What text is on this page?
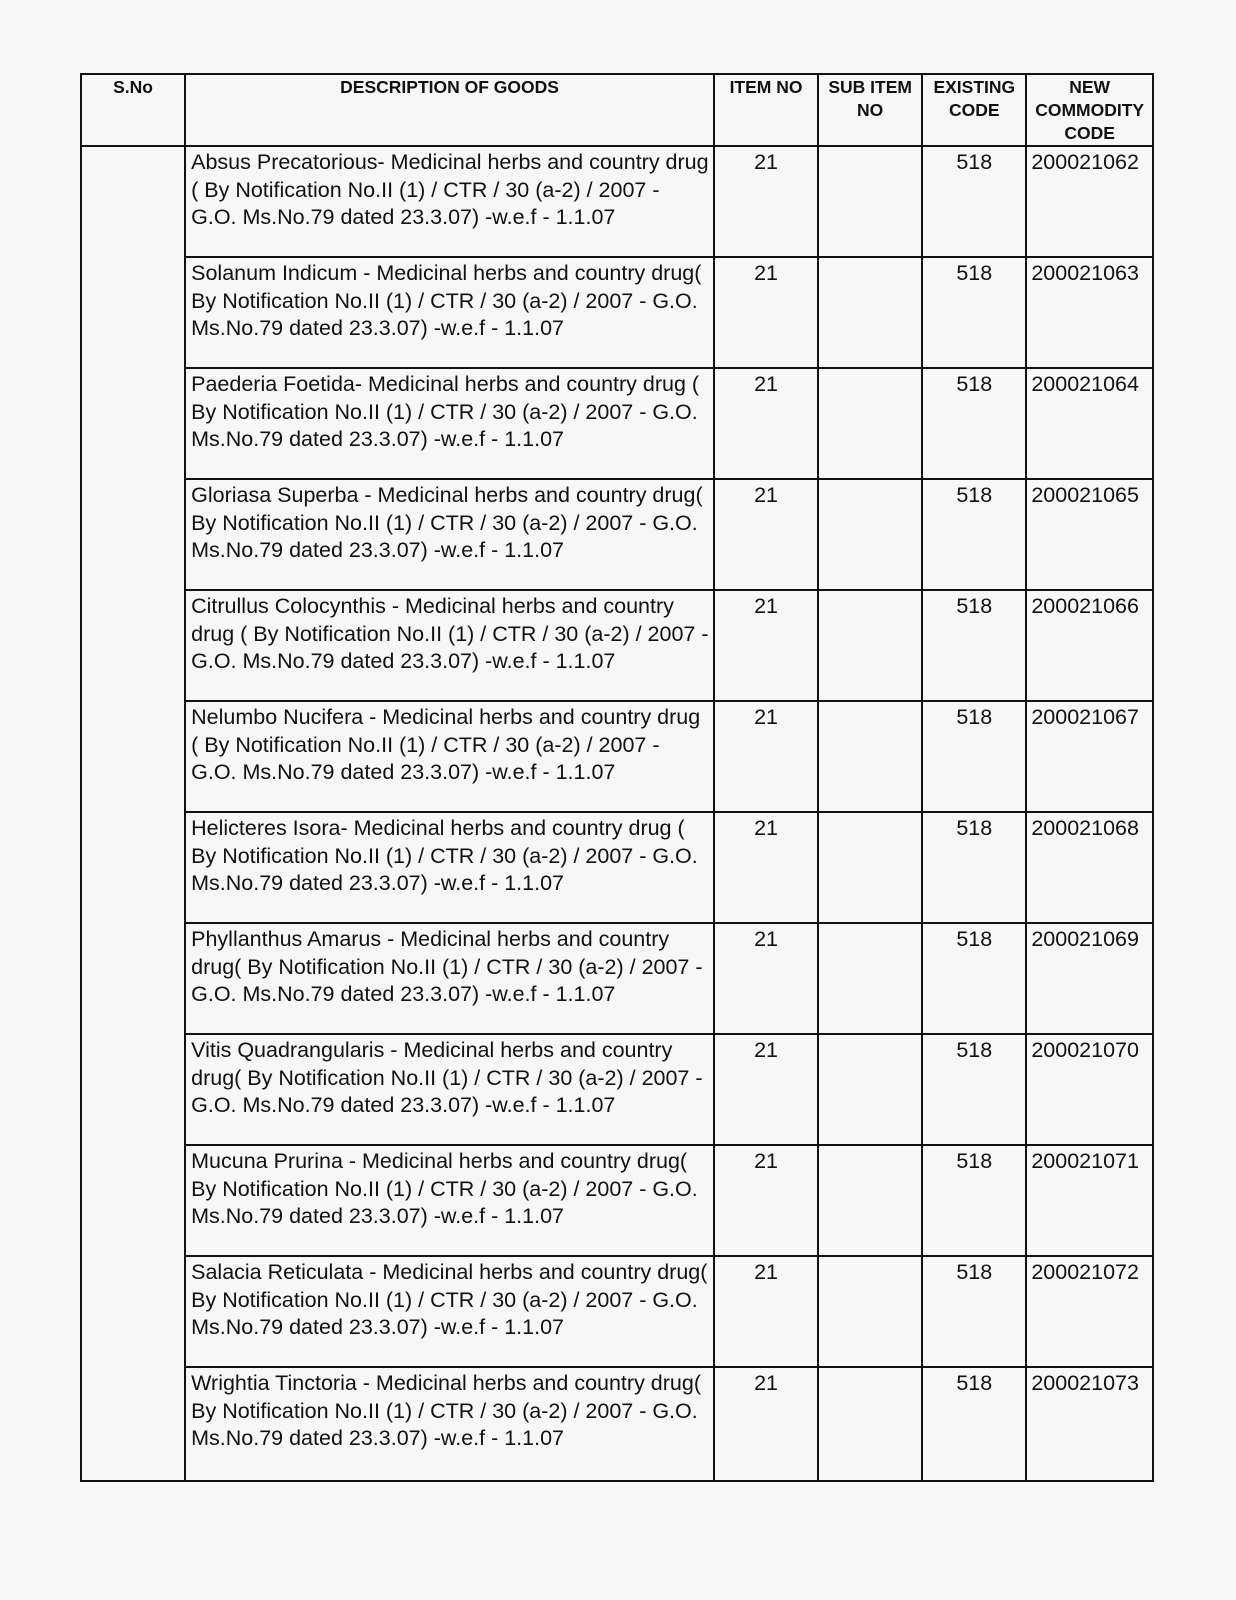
S.No	DESCRIPTION OF GOODS	ITEM NO	SUB ITEM NO	EXISTING CODE	NEW COMMODITY CODE
	Absus Precatorious- Medicinal herbs and country drug ( By Notification No.II (1) / CTR / 30 (a-2) / 2007 - G.O. Ms.No.79 dated 23.3.07) -w.e.f - 1.1.07	21		518	200021062
	Solanum Indicum - Medicinal herbs and country drug( By Notification No.II (1) / CTR / 30 (a-2) / 2007 - G.O. Ms.No.79 dated 23.3.07) -w.e.f - 1.1.07	21		518	200021063
	Paederia Foetida- Medicinal herbs and country drug ( By Notification No.II (1) / CTR / 30 (a-2) / 2007 - G.O. Ms.No.79 dated 23.3.07) -w.e.f - 1.1.07	21		518	200021064
	Gloriasa Superba - Medicinal herbs and country drug( By Notification No.II (1) / CTR / 30 (a-2) / 2007 - G.O. Ms.No.79 dated 23.3.07) -w.e.f - 1.1.07	21		518	200021065
	Citrullus Colocynthis - Medicinal herbs and country drug ( By Notification No.II (1) / CTR / 30 (a-2) / 2007 - G.O. Ms.No.79 dated 23.3.07) -w.e.f - 1.1.07	21		518	200021066
	Nelumbo Nucifera - Medicinal herbs and country drug ( By Notification No.II (1) / CTR / 30 (a-2) / 2007 - G.O. Ms.No.79 dated 23.3.07) -w.e.f - 1.1.07	21		518	200021067
	Helicteres Isora- Medicinal herbs and country drug ( By Notification No.II (1) / CTR / 30 (a-2) / 2007 - G.O. Ms.No.79 dated 23.3.07) -w.e.f - 1.1.07	21		518	200021068
	Phyllanthus Amarus - Medicinal herbs and country drug( By Notification No.II (1) / CTR / 30 (a-2) / 2007 - G.O. Ms.No.79 dated 23.3.07) -w.e.f - 1.1.07	21		518	200021069
	Vitis Quadrangularis - Medicinal herbs and country drug( By Notification No.II (1) / CTR / 30 (a-2) / 2007 - G.O. Ms.No.79 dated 23.3.07) -w.e.f - 1.1.07	21		518	200021070
	Mucuna Prurina - Medicinal herbs and country drug( By Notification No.II (1) / CTR / 30 (a-2) / 2007 - G.O. Ms.No.79 dated 23.3.07) -w.e.f - 1.1.07	21		518	200021071
	Salacia Reticulata - Medicinal herbs and country drug( By Notification No.II (1) / CTR / 30 (a-2) / 2007 - G.O. Ms.No.79 dated 23.3.07) -w.e.f - 1.1.07	21		518	200021072
	Wrightia Tinctoria - Medicinal herbs and country drug( By Notification No.II (1) / CTR / 30 (a-2) / 2007 - G.O. Ms.No.79 dated 23.3.07) -w.e.f - 1.1.07	21		518	200021073
